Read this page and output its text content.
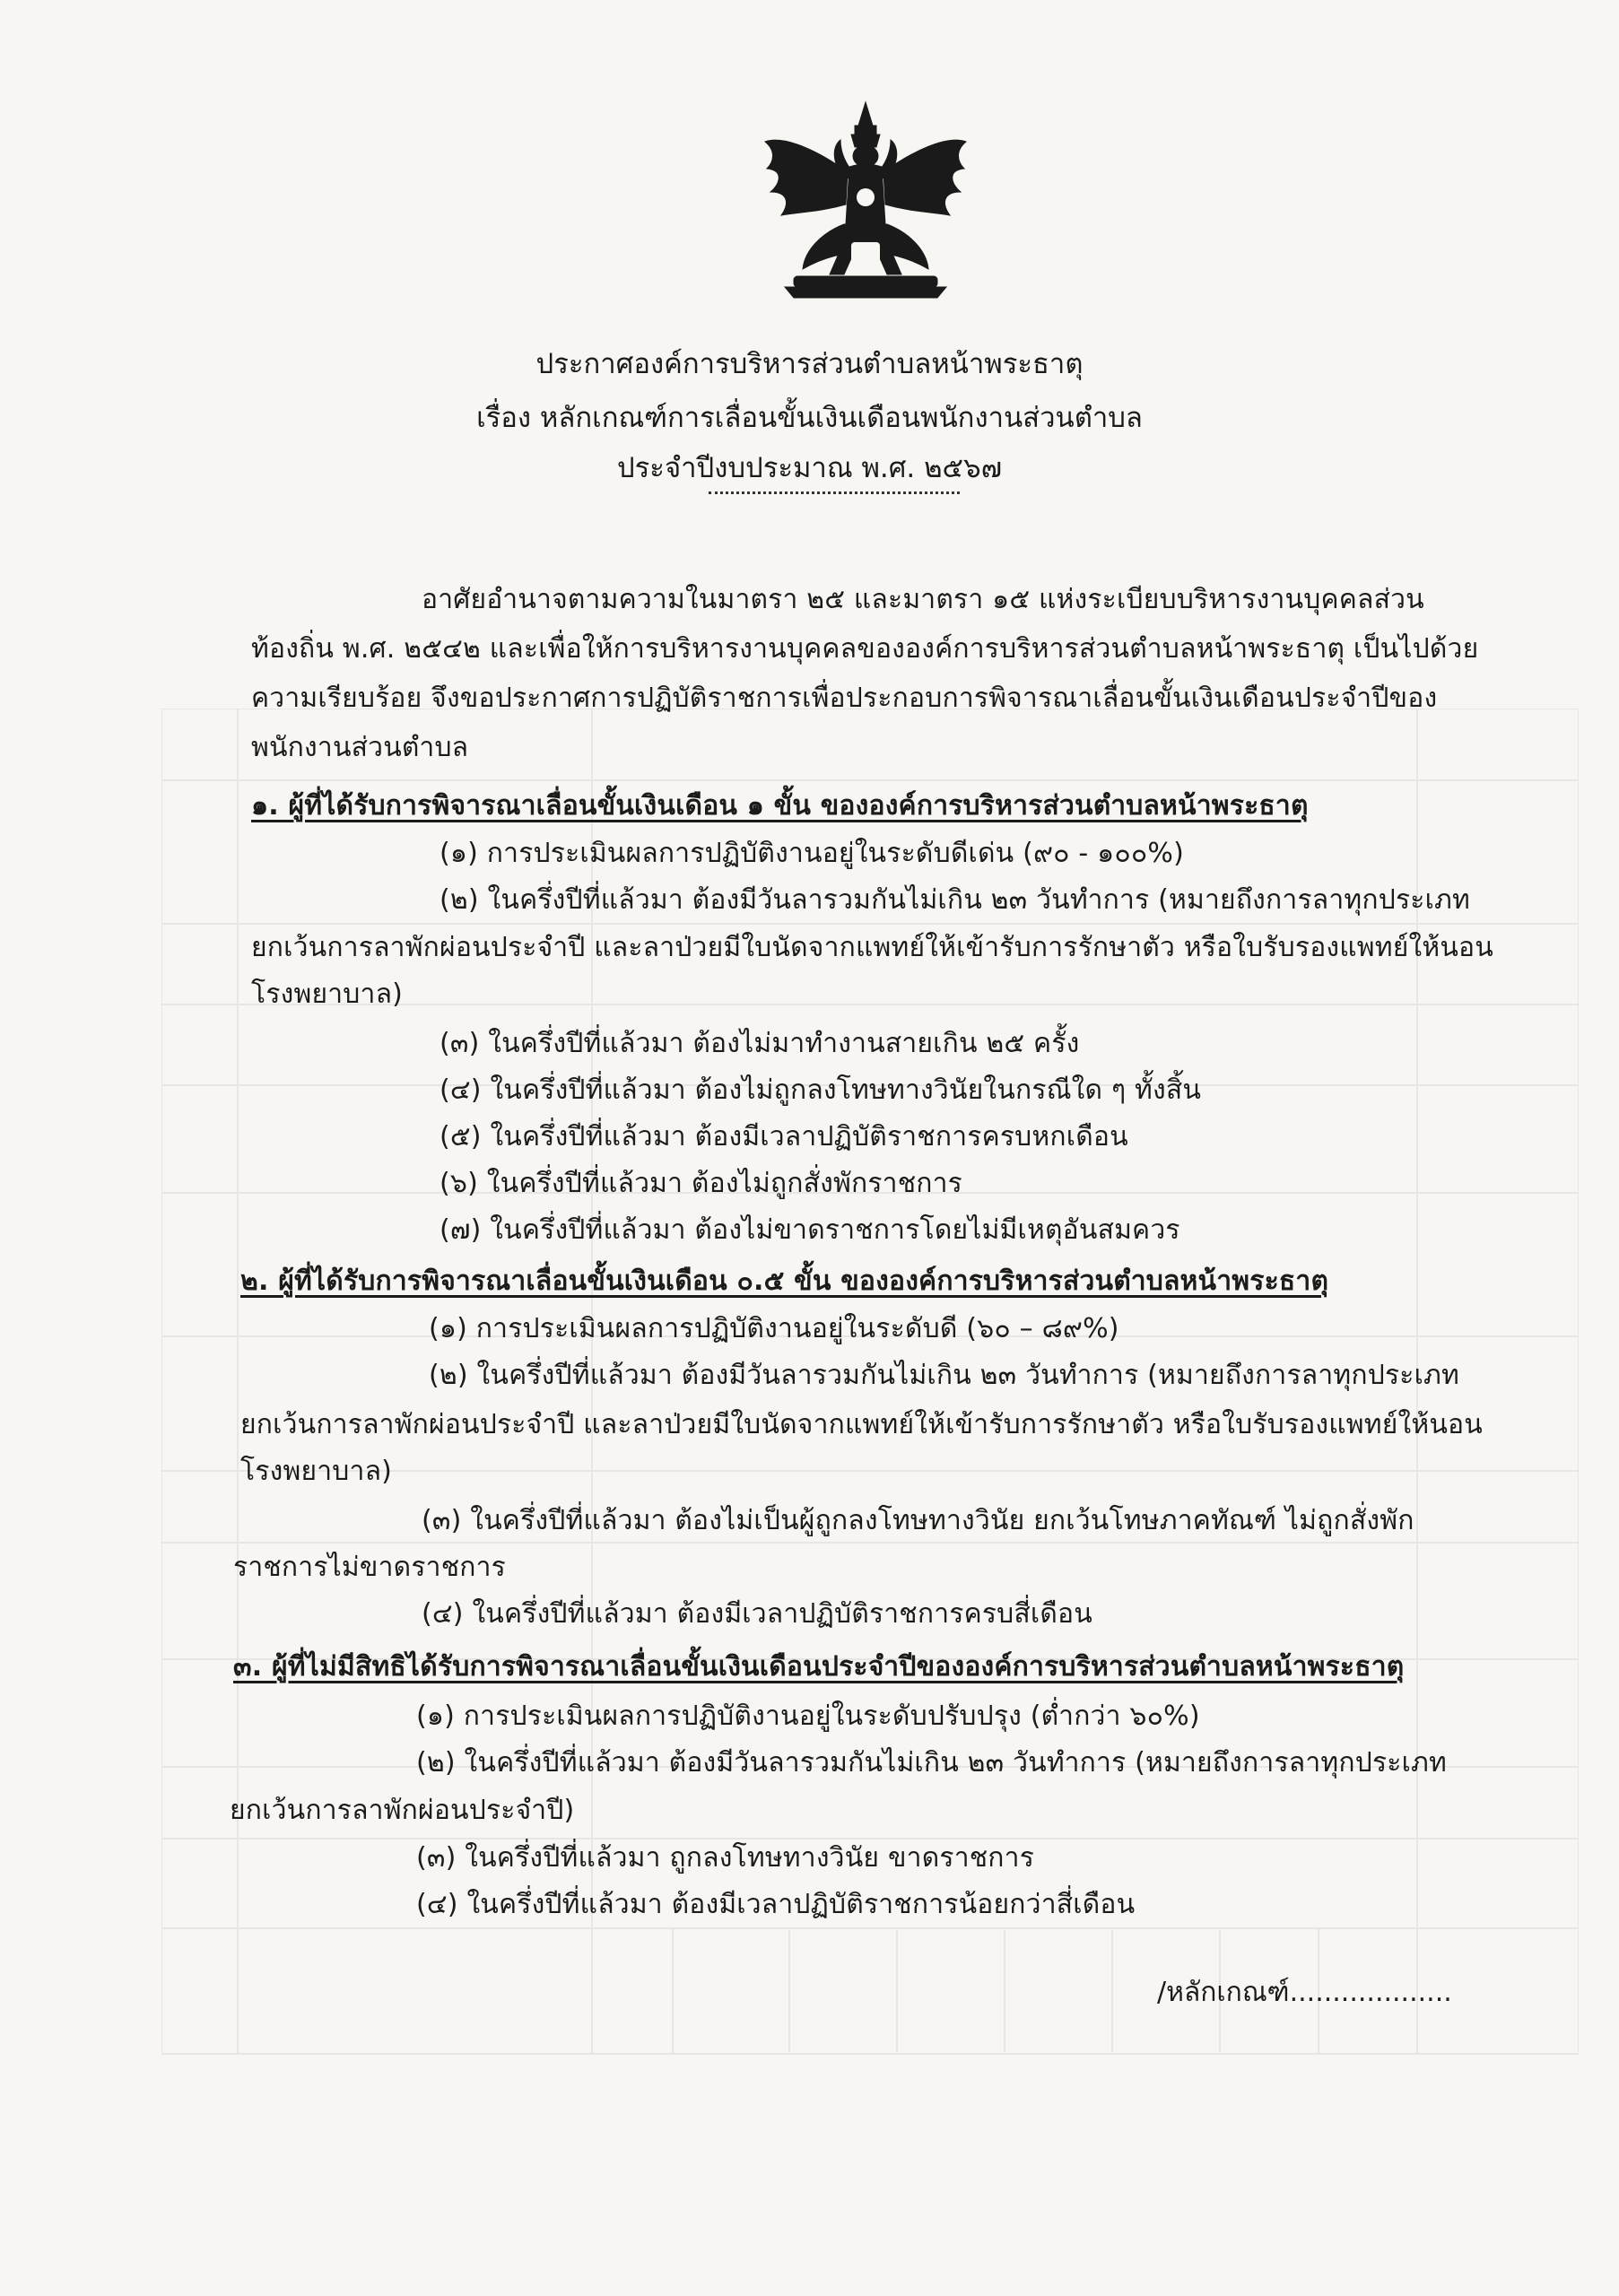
ประกาศองค์การบริหารส่วนตำบลหน้าพระธาตุ
เรื่อง หลักเกณฑ์การเลื่อนขั้นเงินเดือนพนักงานส่วนตำบล
ประจำปีงบประมาณ พ.ศ. ๒๕๖๗
อาศัยอำนาจตามความในมาตรา ๒๕ และมาตรา ๑๕ แห่งระเบียบบริหารงานบุคคลส่วน
ท้องถิ่น พ.ศ. ๒๕๔๒ และเพื่อให้การบริหารงานบุคคลขององค์การบริหารส่วนตำบลหน้าพระธาตุ เป็นไปด้วย
ความเรียบร้อย จึงขอประกาศการปฏิบัติราชการเพื่อประกอบการพิจารณาเลื่อนขั้นเงินเดือนประจำปีของ
พนักงานส่วนตำบล
๑. ผู้ที่ได้รับการพิจารณาเลื่อนขั้นเงินเดือน ๑ ขั้น ขององค์การบริหารส่วนตำบลหน้าพระธาตุ
(๑) การประเมินผลการปฏิบัติงานอยู่ในระดับดีเด่น (๙๐ - ๑๐๐%)
(๒) ในครึ่งปีที่แล้วมา ต้องมีวันลารวมกันไม่เกิน ๒๓ วันทำการ (หมายถึงการลาทุกประเภท
ยกเว้นการลาพักผ่อนประจำปี และลาป่วยมีใบนัดจากแพทย์ให้เข้ารับการรักษาตัว หรือใบรับรองแพทย์ให้นอน
โรงพยาบาล)
(๓) ในครึ่งปีที่แล้วมา ต้องไม่มาทำงานสายเกิน ๒๕ ครั้ง
(๔) ในครึ่งปีที่แล้วมา ต้องไม่ถูกลงโทษทางวินัยในกรณีใด ๆ ทั้งสิ้น
(๕) ในครึ่งปีที่แล้วมา ต้องมีเวลาปฏิบัติราชการครบหกเดือน
(๖) ในครึ่งปีที่แล้วมา ต้องไม่ถูกสั่งพักราชการ
(๗) ในครึ่งปีที่แล้วมา ต้องไม่ขาดราชการโดยไม่มีเหตุอันสมควร
๒. ผู้ที่ได้รับการพิจารณาเลื่อนขั้นเงินเดือน ๐.๕ ขั้น ขององค์การบริหารส่วนตำบลหน้าพระธาตุ
(๑) การประเมินผลการปฏิบัติงานอยู่ในระดับดี (๖๐ – ๘๙%)
(๒) ในครึ่งปีที่แล้วมา ต้องมีวันลารวมกันไม่เกิน ๒๓ วันทำการ (หมายถึงการลาทุกประเภท
ยกเว้นการลาพักผ่อนประจำปี และลาป่วยมีใบนัดจากแพทย์ให้เข้ารับการรักษาตัว หรือใบรับรองแพทย์ให้นอน
โรงพยาบาล)
(๓) ในครึ่งปีที่แล้วมา ต้องไม่เป็นผู้ถูกลงโทษทางวินัย ยกเว้นโทษภาคทัณฑ์ ไม่ถูกสั่งพัก
ราชการไม่ขาดราชการ
(๔) ในครึ่งปีที่แล้วมา ต้องมีเวลาปฏิบัติราชการครบสี่เดือน
๓. ผู้ที่ไม่มีสิทธิได้รับการพิจารณาเลื่อนขั้นเงินเดือนประจำปีขององค์การบริหารส่วนตำบลหน้าพระธาตุ
(๑) การประเมินผลการปฏิบัติงานอยู่ในระดับปรับปรุง (ต่ำกว่า ๖๐%)
(๒) ในครึ่งปีที่แล้วมา ต้องมีวันลารวมกันไม่เกิน ๒๓ วันทำการ (หมายถึงการลาทุกประเภท
ยกเว้นการลาพักผ่อนประจำปี)
(๓) ในครึ่งปีที่แล้วมา ถูกลงโทษทางวินัย ขาดราชการ
(๔) ในครึ่งปีที่แล้วมา ต้องมีเวลาปฏิบัติราชการน้อยกว่าสี่เดือน
/หลักเกณฑ์...................
